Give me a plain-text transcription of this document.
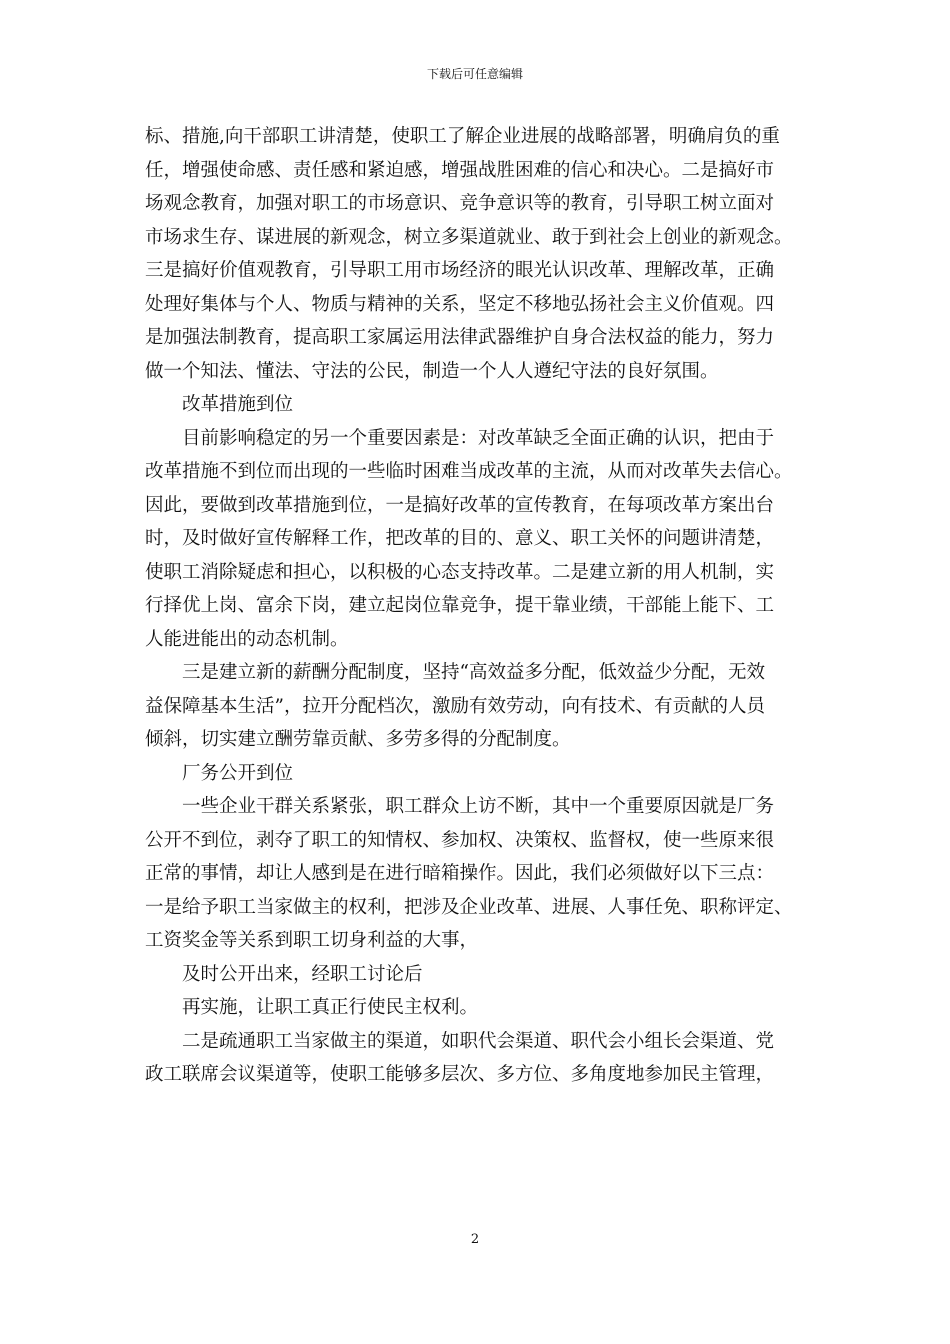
下载后可任意编辑
标、措施,向干部职工讲清楚，使职工了解企业进展的战略部署，明确肩负的重
任，增强使命感、责任感和紧迫感，增强战胜困难的信心和决心。二是搞好市
场观念教育，加强对职工的市场意识、竞争意识等的教育，引导职工树立面对
市场求生存、谋进展的新观念，树立多渠道就业、敢于到社会上创业的新观念。
三是搞好价值观教育，引导职工用市场经济的眼光认识改革、理解改革，正确
处理好集体与个人、物质与精神的关系，坚定不移地弘扬社会主义价值观。四
是加强法制教育，提高职工家属运用法律武器维护自身合法权益的能力，努力
做一个知法、懂法、守法的公民，制造一个人人遵纪守法的良好氛围。
改革措施到位
目前影响稳定的另一个重要因素是：对改革缺乏全面正确的认识，把由于
改革措施不到位而出现的一些临时困难当成改革的主流，从而对改革失去信心。
因此，要做到改革措施到位，一是搞好改革的宣传教育，在每项改革方案出台
时，及时做好宣传解释工作，把改革的目的、意义、职工关怀的问题讲清楚，
使职工消除疑虑和担心，以积极的心态支持改革。二是建立新的用人机制，实
行择优上岗、富余下岗，建立起岗位靠竞争，提干靠业绩，干部能上能下、工
人能进能出的动态机制。
三是建立新的薪酬分配制度，坚持“高效益多分配，低效益少分配，无效
益保障基本生活”，拉开分配档次，激励有效劳动，向有技术、有贡献的人员
倾斜，切实建立酬劳靠贡献、多劳多得的分配制度。
厂务公开到位
一些企业干群关系紧张，职工群众上访不断，其中一个重要原因就是厂务
公开不到位，剥夺了职工的知情权、参加权、决策权、监督权，使一些原来很
正常的事情，却让人感到是在进行暗箱操作。因此，我们必须做好以下三点：
一是给予职工当家做主的权利，把涉及企业改革、进展、人事任免、职称评定、
工资奖金等关系到职工切身利益的大事，
及时公开出来，经职工讨论后
再实施，让职工真正行使民主权利。
二是疏通职工当家做主的渠道，如职代会渠道、职代会小组长会渠道、党
政工联席会议渠道等，使职工能够多层次、多方位、多角度地参加民主管理，
2
